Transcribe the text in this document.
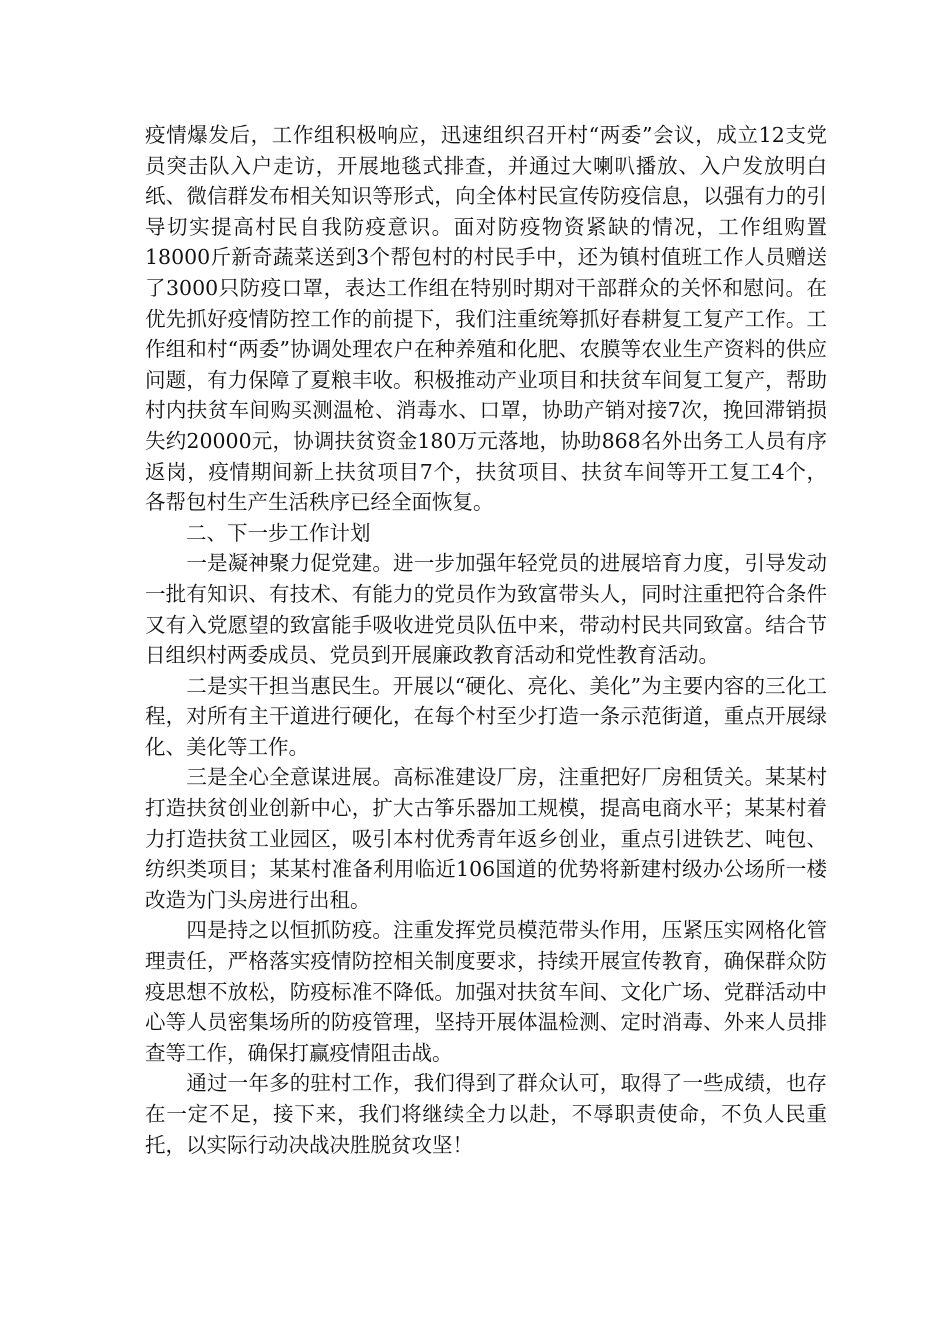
疫情爆发后，工作组积极响应，迅速组织召开村“两委”会议，成立12支党员突击队入户走访，开展地毯式排查，并通过大喇叭播放、入户发放明白纸、微信群发布相关知识等形式，向全体村民宣传防疫信息，以强有力的引导切实提高村民自我防疫意识。面对防疫物资紧缺的情况，工作组购置18000斤新奇蔬菜送到3个帮包村的村民手中，还为镇村值班工作人员赠送了3000只防疫口罩，表达工作组在特别时期对干部群众的关怀和慰问。在优先抓好疫情防控工作的前提下，我们注重统筹抓好春耕复工复产工作。工作组和村“两委”协调处理农户在种养殖和化肥、农膜等农业生产资料的供应问题，有力保障了夏粮丰收。积极推动产业项目和扶贫车间复工复产，帮助村内扶贫车间购买测温枪、消毒水、口罩，协助产销对接7次，挽回滞销损失约20000元，协调扶贫资金180万元落地，协助868名外出务工人员有序返岗，疫情期间新上扶贫项目7个，扶贫项目、扶贫车间等开工复工4个，各帮包村生产生活秩序已经全面恢复。

　　二、下一步工作计划

　　一是凝神聚力促党建。进一步加强年轻党员的进展培育力度，引导发动一批有知识、有技术、有能力的党员作为致富带头人，同时注重把符合条件又有入党愿望的致富能手吸收进党员队伍中来，带动村民共同致富。结合节日组织村两委成员、党员到开展廉政教育活动和党性教育活动。

　　二是实干担当惠民生。开展以“硬化、亮化、美化”为主要内容的三化工程，对所有主干道进行硬化，在每个村至少打造一条示范街道，重点开展绿化、美化等工作。

　　三是全心全意谋进展。高标准建设厂房，注重把好厂房租赁关。某某村打造扶贫创业创新中心，扩大古筝乐器加工规模，提高电商水平；某某村着力打造扶贫工业园区，吸引本村优秀青年返乡创业，重点引进铁艺、吨包、纺织类项目；某某村准备利用临近106国道的优势将新建村级办公场所一楼改造为门头房进行出租。

　　四是持之以恒抓防疫。注重发挥党员模范带头作用，压紧压实网格化管理责任，严格落实疫情防控相关制度要求，持续开展宣传教育，确保群众防疫思想不放松，防疫标准不降低。加强对扶贫车间、文化广场、党群活动中心等人员密集场所的防疫管理，坚持开展体温检测、定时消毒、外来人员排查等工作，确保打赢疫情阻击战。

　　通过一年多的驻村工作，我们得到了群众认可，取得了一些成绩，也存在一定不足，接下来，我们将继续全力以赴，不辱职责使命，不负人民重托，以实际行动决战决胜脱贫攻坚！
